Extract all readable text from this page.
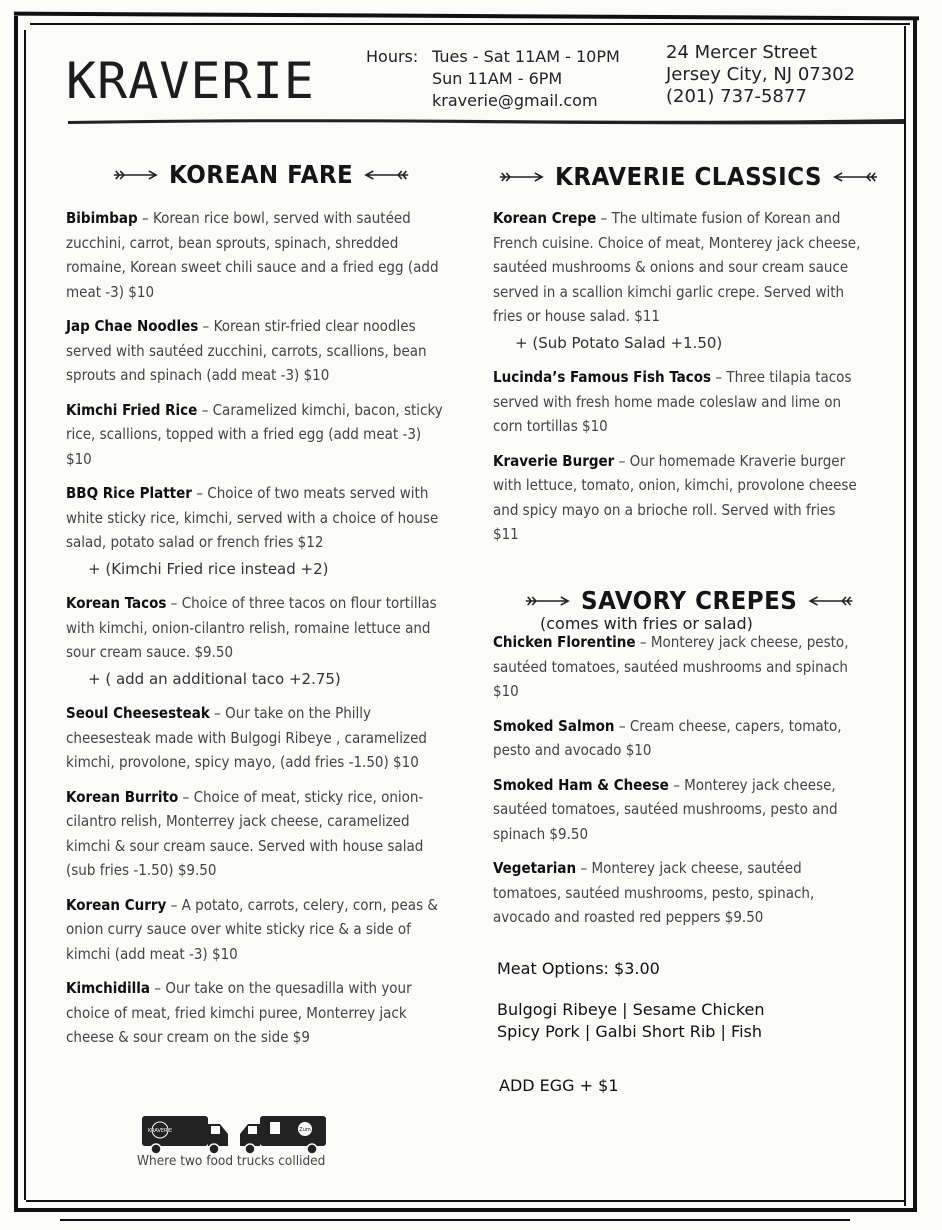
KRAVERIE	Hours: Tues - Sat 11AM - 10PM
Sun 11AM - 6PM
kraverie@gmail.com
24 Mercer Street
Jersey City, NJ 07302
(201) 737-5877
KOREAN FARE	KRAVERIE CLASSICS
SAVORY CREPES
(comes with fries or salad)
Bibimbap – Korean rice bowl, served with sautéed zucchini, carrot, bean sprouts, spinach, shredded romaine, Korean sweet chili sauce and a fried egg (add meat -3) $10
Jap Chae Noodles – Korean stir-fried clear noodles served with sautéed zucchini, carrots, scallions, bean sprouts and spinach (add meat -3) $10
Kimchi Fried Rice – Caramelized kimchi, bacon, sticky rice, scallions, topped with a fried egg (add meat -3) $10
BBQ Rice Platter – Choice of two meats served with white sticky rice, kimchi, served with a choice of house salad, potato salad or french fries $12
+ (Kimchi Fried rice instead +2)
Korean Tacos – Choice of three tacos on flour tortillas with kimchi, onion-cilantro relish, romaine lettuce and sour cream sauce. $9.50
+ ( add an additional taco +2.75)
Seoul Cheesesteak – Our take on the Philly cheesesteak made with Bulgogi Ribeye , caramelized kimchi, provolone, spicy mayo, (add fries -1.50) $10
Korean Burrito – Choice of meat, sticky rice, onion-cilantro relish, Monterrey jack cheese, caramelized kimchi & sour cream sauce. Served with house salad (sub fries -1.50) $9.50
Korean Curry – A potato, carrots, celery, corn, peas & onion curry sauce over white sticky rice & a side of kimchi (add meat -3) $10
Kimchidilla – Our take on the quesadilla with your choice of meat, fried kimchi puree, Monterrey jack cheese & sour cream on the side $9
Korean Crepe – The ultimate fusion of Korean and French cuisine. Choice of meat, Monterey jack cheese, sautéed mushrooms & onions and sour cream sauce served in a scallion kimchi garlic crepe. Served with fries or house salad. $11
+ (Sub Potato Salad +1.50)
Lucinda’s Famous Fish Tacos – Three tilapia tacos served with fresh home made coleslaw and lime on corn tortillas $10
Kraverie Burger – Our homemade Kraverie burger with lettuce, tomato, onion, kimchi, provolone cheese and spicy mayo on a brioche roll. Served with fries $11
Chicken Florentine – Monterey jack cheese, pesto, sautéed tomatoes, sautéed mushrooms and spinach $10
Smoked Salmon – Cream cheese, capers, tomato, pesto and avocado $10
Smoked Ham & Cheese – Monterey jack cheese, sautéed tomatoes, sautéed mushrooms, pesto and spinach $9.50
Vegetarian – Monterey jack cheese, sautéed tomatoes, sautéed mushrooms, pesto, spinach, avocado and roasted red peppers $9.50
Meat Options: $3.00
Bulgogi Ribeye | Sesame Chicken
Spicy Pork | Galbi Short Rib | Fish
ADD EGG + $1
KRAVERIE	Zum
Where two food trucks collided
